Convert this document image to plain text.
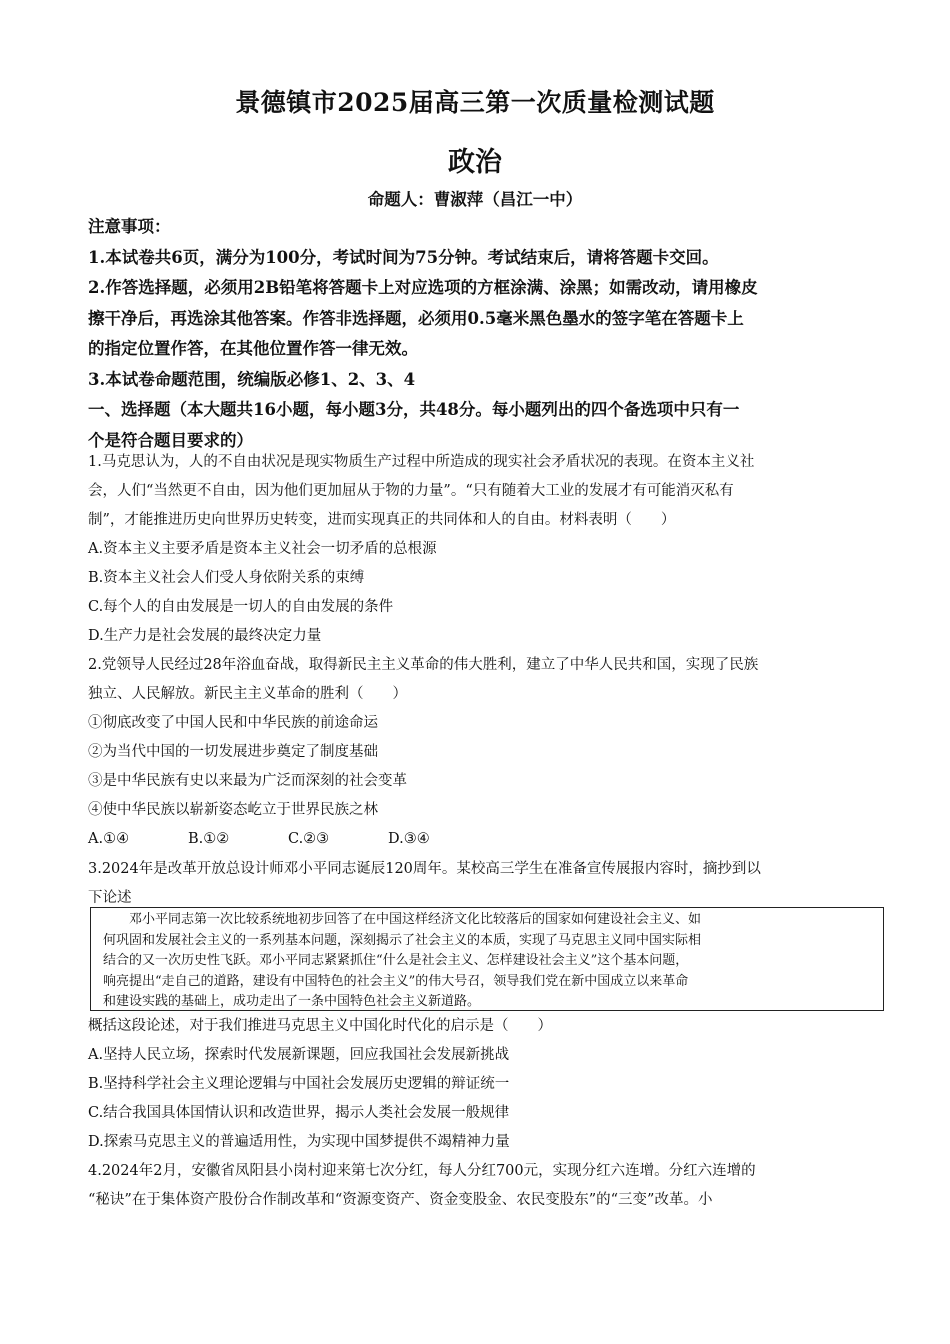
景德镇市2025届高三第一次质量检测试题
政治
命题人：曹淑萍（昌江一中）
注意事项：
1.本试卷共6页，满分为100分，考试时间为75分钟。考试结束后，请将答题卡交回。
2.作答选择题，必须用2B铅笔将答题卡上对应选项的方框涂满、涂黑；如需改动，请用橡皮
擦干净后，再选涂其他答案。作答非选择题，必须用0.5毫米黑色墨水的签字笔在答题卡上
的指定位置作答，在其他位置作答一律无效。
3.本试卷命题范围，统编版必修1、2、3、4
一、选择题（本大题共16小题，每小题3分，共48分。每小题列出的四个备选项中只有一
个是符合题目要求的）
1.马克思认为，人的不自由状况是现实物质生产过程中所造成的现实社会矛盾状况的表现。在资本主义社
会，人们“当然更不自由，因为他们更加屈从于物的力量”。“只有随着大工业的发展才有可能消灭私有
制”，才能推进历史向世界历史转变，进而实现真正的共同体和人的自由。材料表明（　　）
A.资本主义主要矛盾是资本主义社会一切矛盾的总根源
B.资本主义社会人们受人身依附关系的束缚
C.每个人的自由发展是一切人的自由发展的条件
D.生产力是社会发展的最终决定力量
2.党领导人民经过28年浴血奋战，取得新民主主义革命的伟大胜利，建立了中华人民共和国，实现了民族
独立、人民解放。新民主主义革命的胜利（　　）
①彻底改变了中国人民和中华民族的前途命运
②为当代中国的一切发展进步奠定了制度基础
③是中华民族有史以来最为广泛而深刻的社会变革
④使中华民族以崭新姿态屹立于世界民族之林
A.①④	B.①②	C.②③	D.③④
3.2024年是改革开放总设计师邓小平同志诞辰120周年。某校高三学生在准备宣传展报内容时，摘抄到以
下论述
　　邓小平同志第一次比较系统地初步回答了在中国这样经济文化比较落后的国家如何建设社会主义、如
何巩固和发展社会主义的一系列基本问题，深刻揭示了社会主义的本质，实现了马克思主义同中国实际相
结合的又一次历史性飞跃。邓小平同志紧紧抓住“什么是社会主义、怎样建设社会主义”这个基本问题，
响亮提出“走自己的道路，建设有中国特色的社会主义”的伟大号召，领导我们党在新中国成立以来革命
和建设实践的基础上，成功走出了一条中国特色社会主义新道路。
概括这段论述，对于我们推进马克思主义中国化时代化的启示是（　　）
A.坚持人民立场，探索时代发展新课题，回应我国社会发展新挑战
B.坚持科学社会主义理论逻辑与中国社会发展历史逻辑的辩证统一
C.结合我国具体国情认识和改造世界，揭示人类社会发展一般规律
D.探索马克思主义的普遍适用性，为实现中国梦提供不竭精神力量
4.2024年2月，安徽省凤阳县小岗村迎来第七次分红，每人分红700元，实现分红六连增。分红六连增的
“秘诀”在于集体资产股份合作制改革和“资源变资产、资金变股金、农民变股东”的“三变”改革。小
